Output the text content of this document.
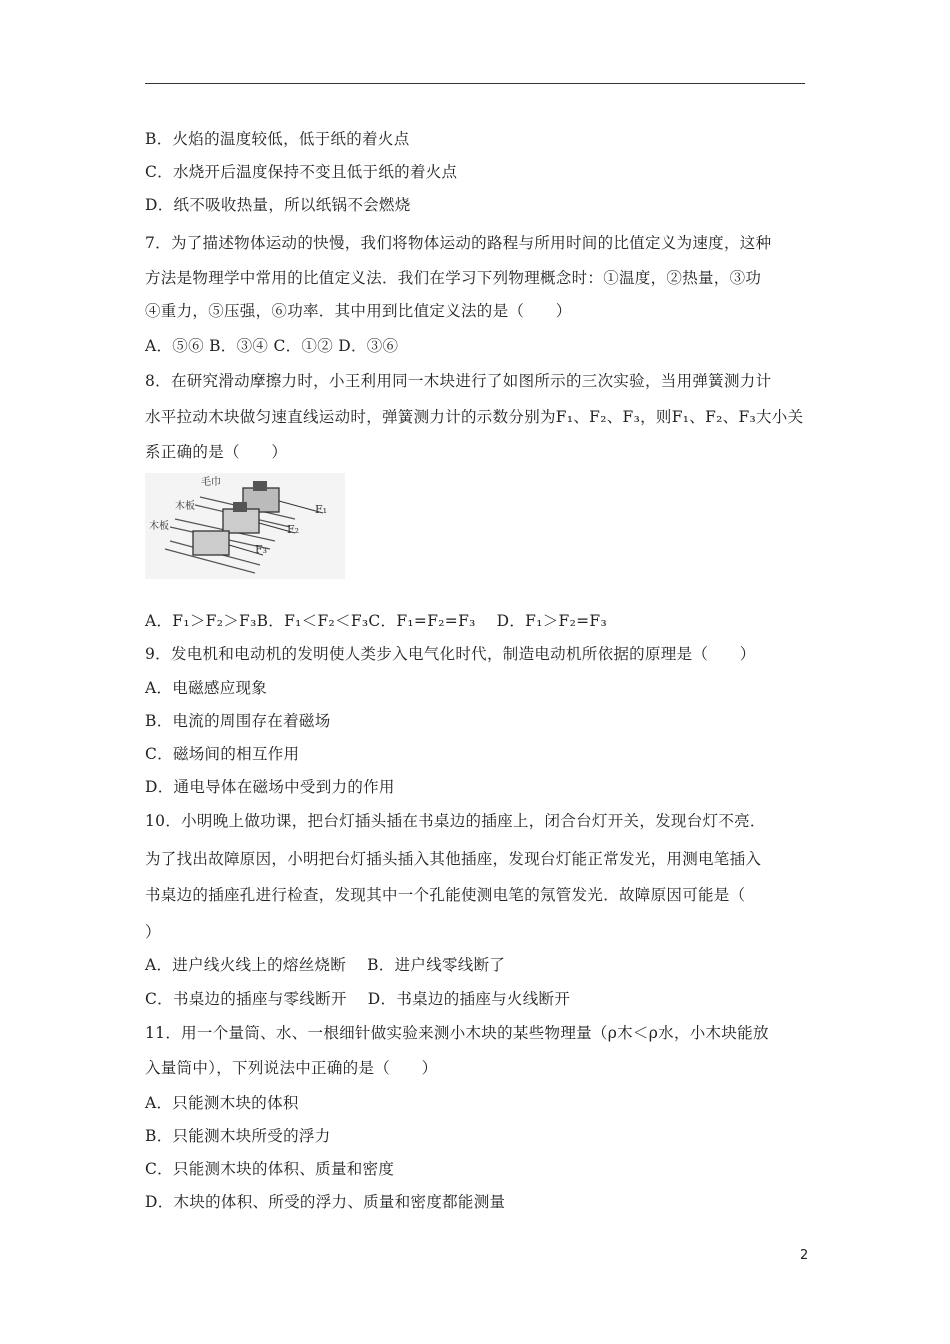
B．火焰的温度较低，低于纸的着火点
C．水烧开后温度保持不变且低于纸的着火点
D．纸不吸收热量，所以纸锅不会燃烧
7．为了描述物体运动的快慢，我们将物体运动的路程与所用时间的比值定义为速度，这种
方法是物理学中常用的比值定义法．我们在学习下列物理概念时：①温度，②热量，③功
④重力，⑤压强，⑥功率．其中用到比值定义法的是（　　）
A．⑤⑥ B．③④ C．①② D．③⑥
8．在研究滑动摩擦力时，小王利用同一木块进行了如图所示的三次实验，当用弹簧测力计
水平拉动木块做匀速直线运动时，弹簧测力计的示数分别为F₁、F₂、F₃，则F₁、F₂、F₃大小关
系正确的是（　　）
毛巾
木板
木板
F₁
F₂
F₃
A．F₁＞F₂＞F₃B．F₁＜F₂＜F₃C．F₁=F₂=F₃　 D．F₁＞F₂=F₃
9．发电机和电动机的发明使人类步入电气化时代，制造电动机所依据的原理是（　　）
A．电磁感应现象
B．电流的周围存在着磁场
C．磁场间的相互作用
D．通电导体在磁场中受到力的作用
10．小明晚上做功课，把台灯插头插在书桌边的插座上，闭合台灯开关，发现台灯不亮．
为了找出故障原因，小明把台灯插头插入其他插座，发现台灯能正常发光，用测电笔插入
书桌边的插座孔进行检查，发现其中一个孔能使测电笔的氖管发光．故障原因可能是（
）
A．进户线火线上的熔丝烧断　 B．进户线零线断了
C．书桌边的插座与零线断开　 D．书桌边的插座与火线断开
11．用一个量筒、水、一根细针做实验来测小木块的某些物理量（ρ木＜ρ水，小木块能放
入量筒中），下列说法中正确的是（　　）
A．只能测木块的体积
B．只能测木块所受的浮力
C．只能测木块的体积、质量和密度
D．木块的体积、所受的浮力、质量和密度都能测量
2
